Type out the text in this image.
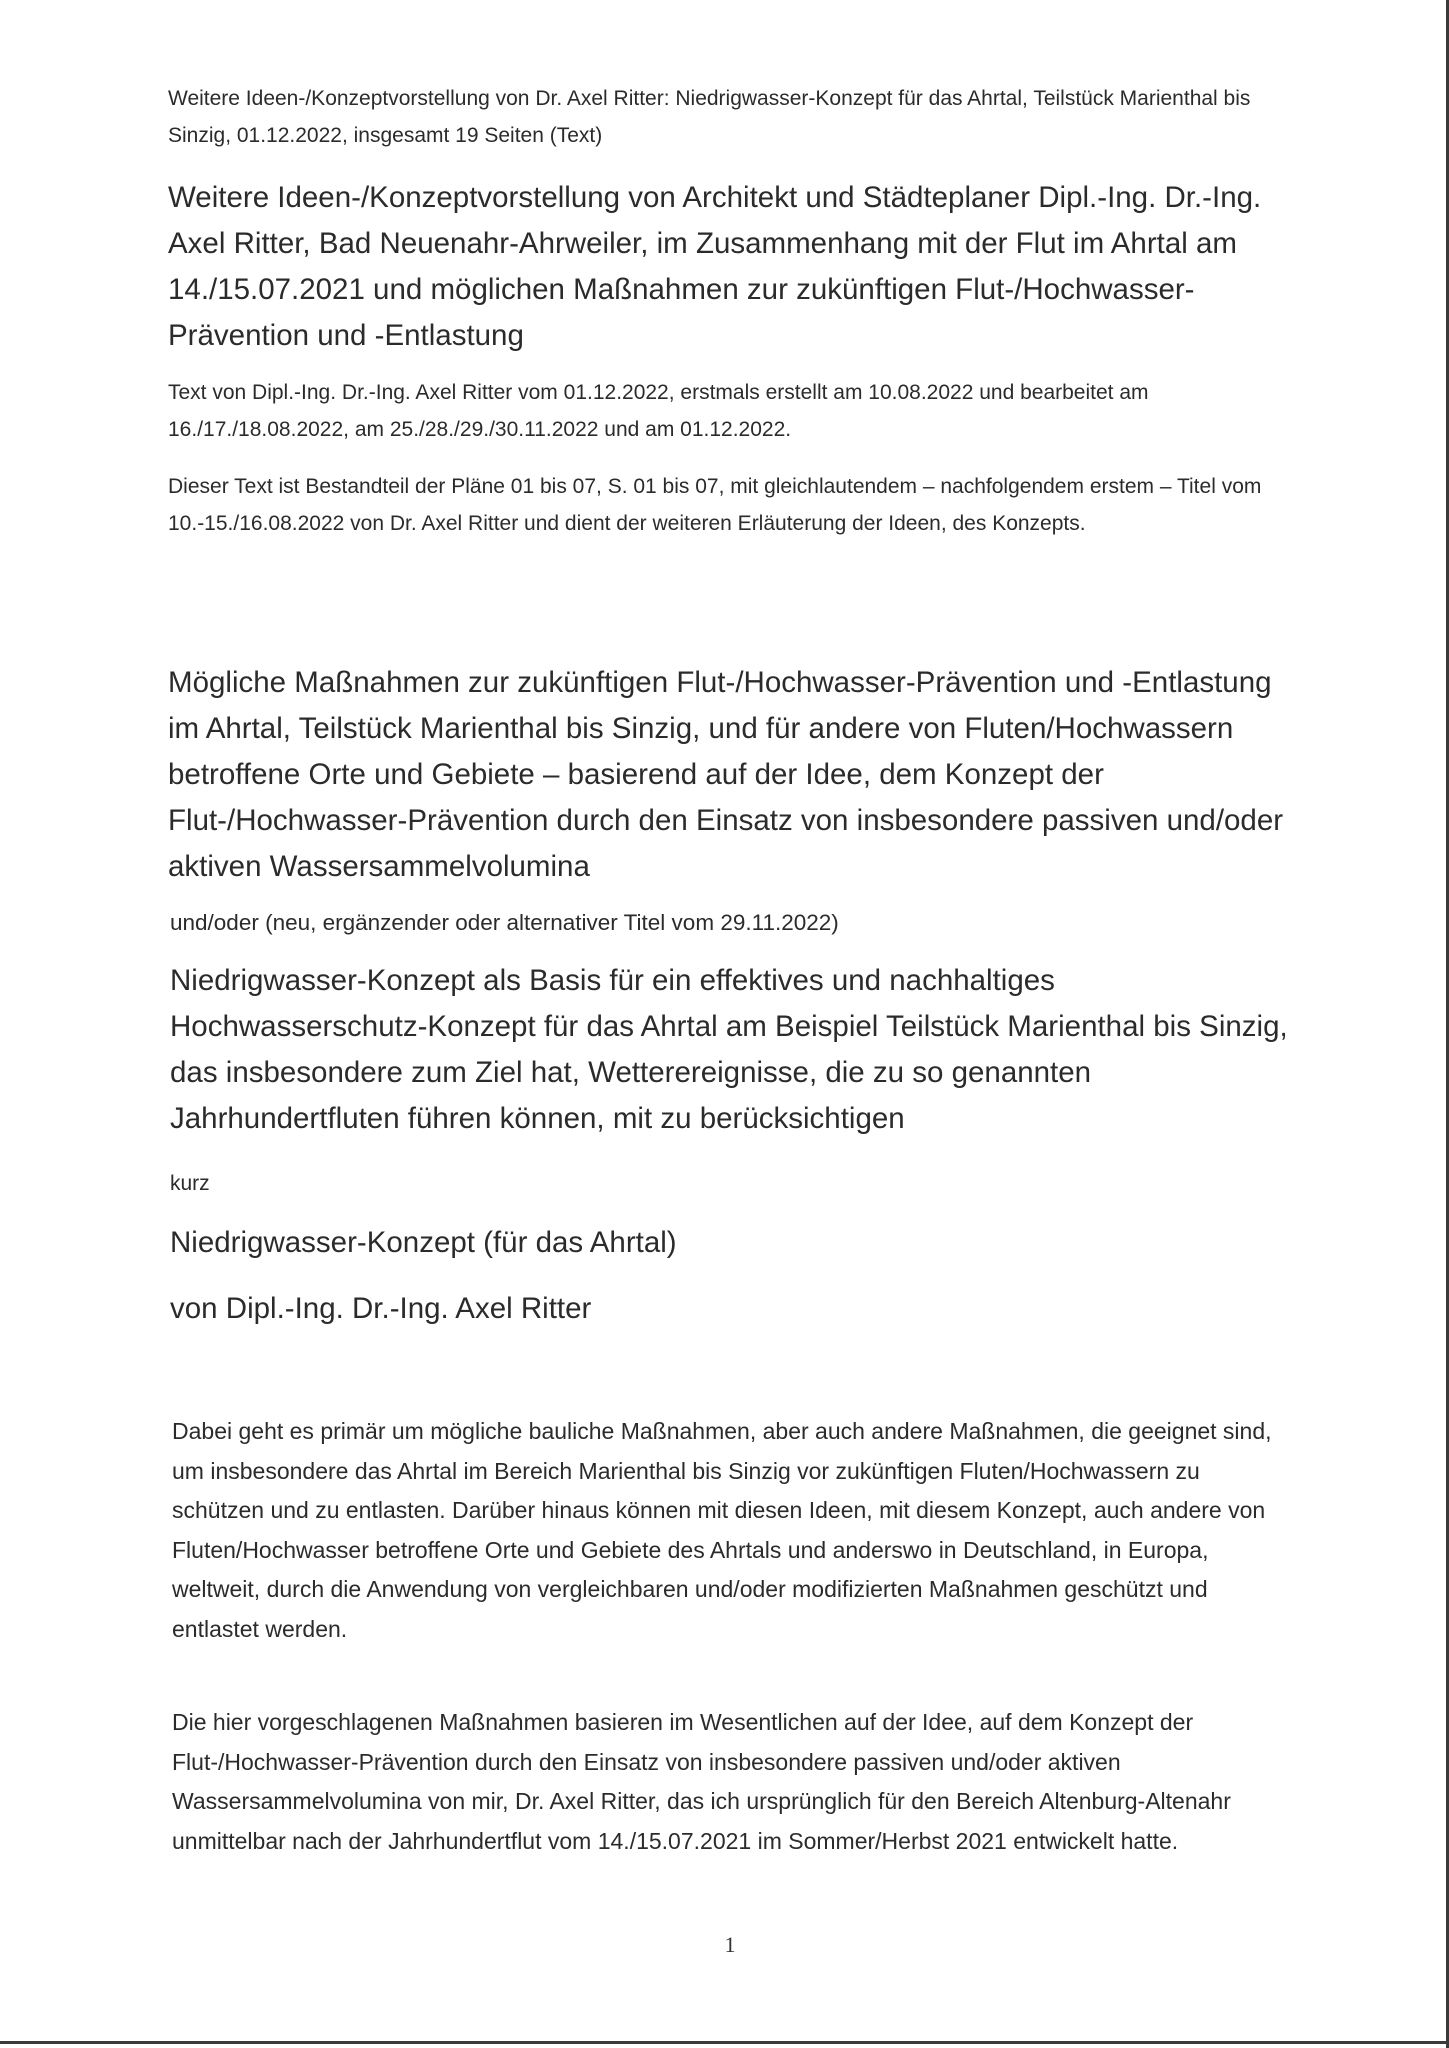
Weitere Ideen-/Konzeptvorstellung von Dr. Axel Ritter: Niedrigwasser-Konzept für das Ahrtal, Teilstück Marienthal bis Sinzig, 01.12.2022, insgesamt 19 Seiten (Text)

Weitere Ideen-/Konzeptvorstellung von Architekt und Städteplaner Dipl.-Ing. Dr.-Ing. Axel Ritter, Bad Neuenahr-Ahrweiler, im Zusammenhang mit der Flut im Ahrtal am 14./15.07.2021 und möglichen Maßnahmen zur zukünftigen Flut-/Hochwasser-Prävention und -Entlastung

Text von Dipl.-Ing. Dr.-Ing. Axel Ritter vom 01.12.2022, erstmals erstellt am 10.08.2022 und bearbeitet am 16./17./18.08.2022, am 25./28./29./30.11.2022 und am 01.12.2022.

Dieser Text ist Bestandteil der Pläne 01 bis 07, S. 01 bis 07, mit gleichlautendem – nachfolgendem erstem – Titel vom 10.-15./16.08.2022 von Dr. Axel Ritter und dient der weiteren Erläuterung der Ideen, des Konzepts.

Mögliche Maßnahmen zur zukünftigen Flut-/Hochwasser-Prävention und -Entlastung im Ahrtal, Teilstück Marienthal bis Sinzig, und für andere von Fluten/Hochwassern betroffene Orte und Gebiete – basierend auf der Idee, dem Konzept der Flut-/Hochwasser-Prävention durch den Einsatz von insbesondere passiven und/oder aktiven Wassersammelvolumina

und/oder (neu, ergänzender oder alternativer Titel vom 29.11.2022)

Niedrigwasser-Konzept als Basis für ein effektives und nachhaltiges Hochwasserschutz-Konzept für das Ahrtal am Beispiel Teilstück Marienthal bis Sinzig, das insbesondere zum Ziel hat, Wetterereignisse, die zu so genannten Jahrhundertfluten führen können, mit zu berücksichtigen

kurz

Niedrigwasser-Konzept (für das Ahrtal)

von Dipl.-Ing. Dr.-Ing. Axel Ritter

Dabei geht es primär um mögliche bauliche Maßnahmen, aber auch andere Maßnahmen, die geeignet sind, um insbesondere das Ahrtal im Bereich Marienthal bis Sinzig vor zukünftigen Fluten/Hochwassern zu schützen und zu entlasten. Darüber hinaus können mit diesen Ideen, mit diesem Konzept, auch andere von Fluten/Hochwasser betroffene Orte und Gebiete des Ahrtals und anderswo in Deutschland, in Europa, weltweit, durch die Anwendung von vergleichbaren und/oder modifizierten Maßnahmen geschützt und entlastet werden.

Die hier vorgeschlagenen Maßnahmen basieren im Wesentlichen auf der Idee, auf dem Konzept der Flut-/Hochwasser-Prävention durch den Einsatz von insbesondere passiven und/oder aktiven Wassersammelvolumina von mir, Dr. Axel Ritter, das ich ursprünglich für den Bereich Altenburg-Altenahr unmittelbar nach der Jahrhundertflut vom 14./15.07.2021 im Sommer/Herbst 2021 entwickelt hatte.

1
